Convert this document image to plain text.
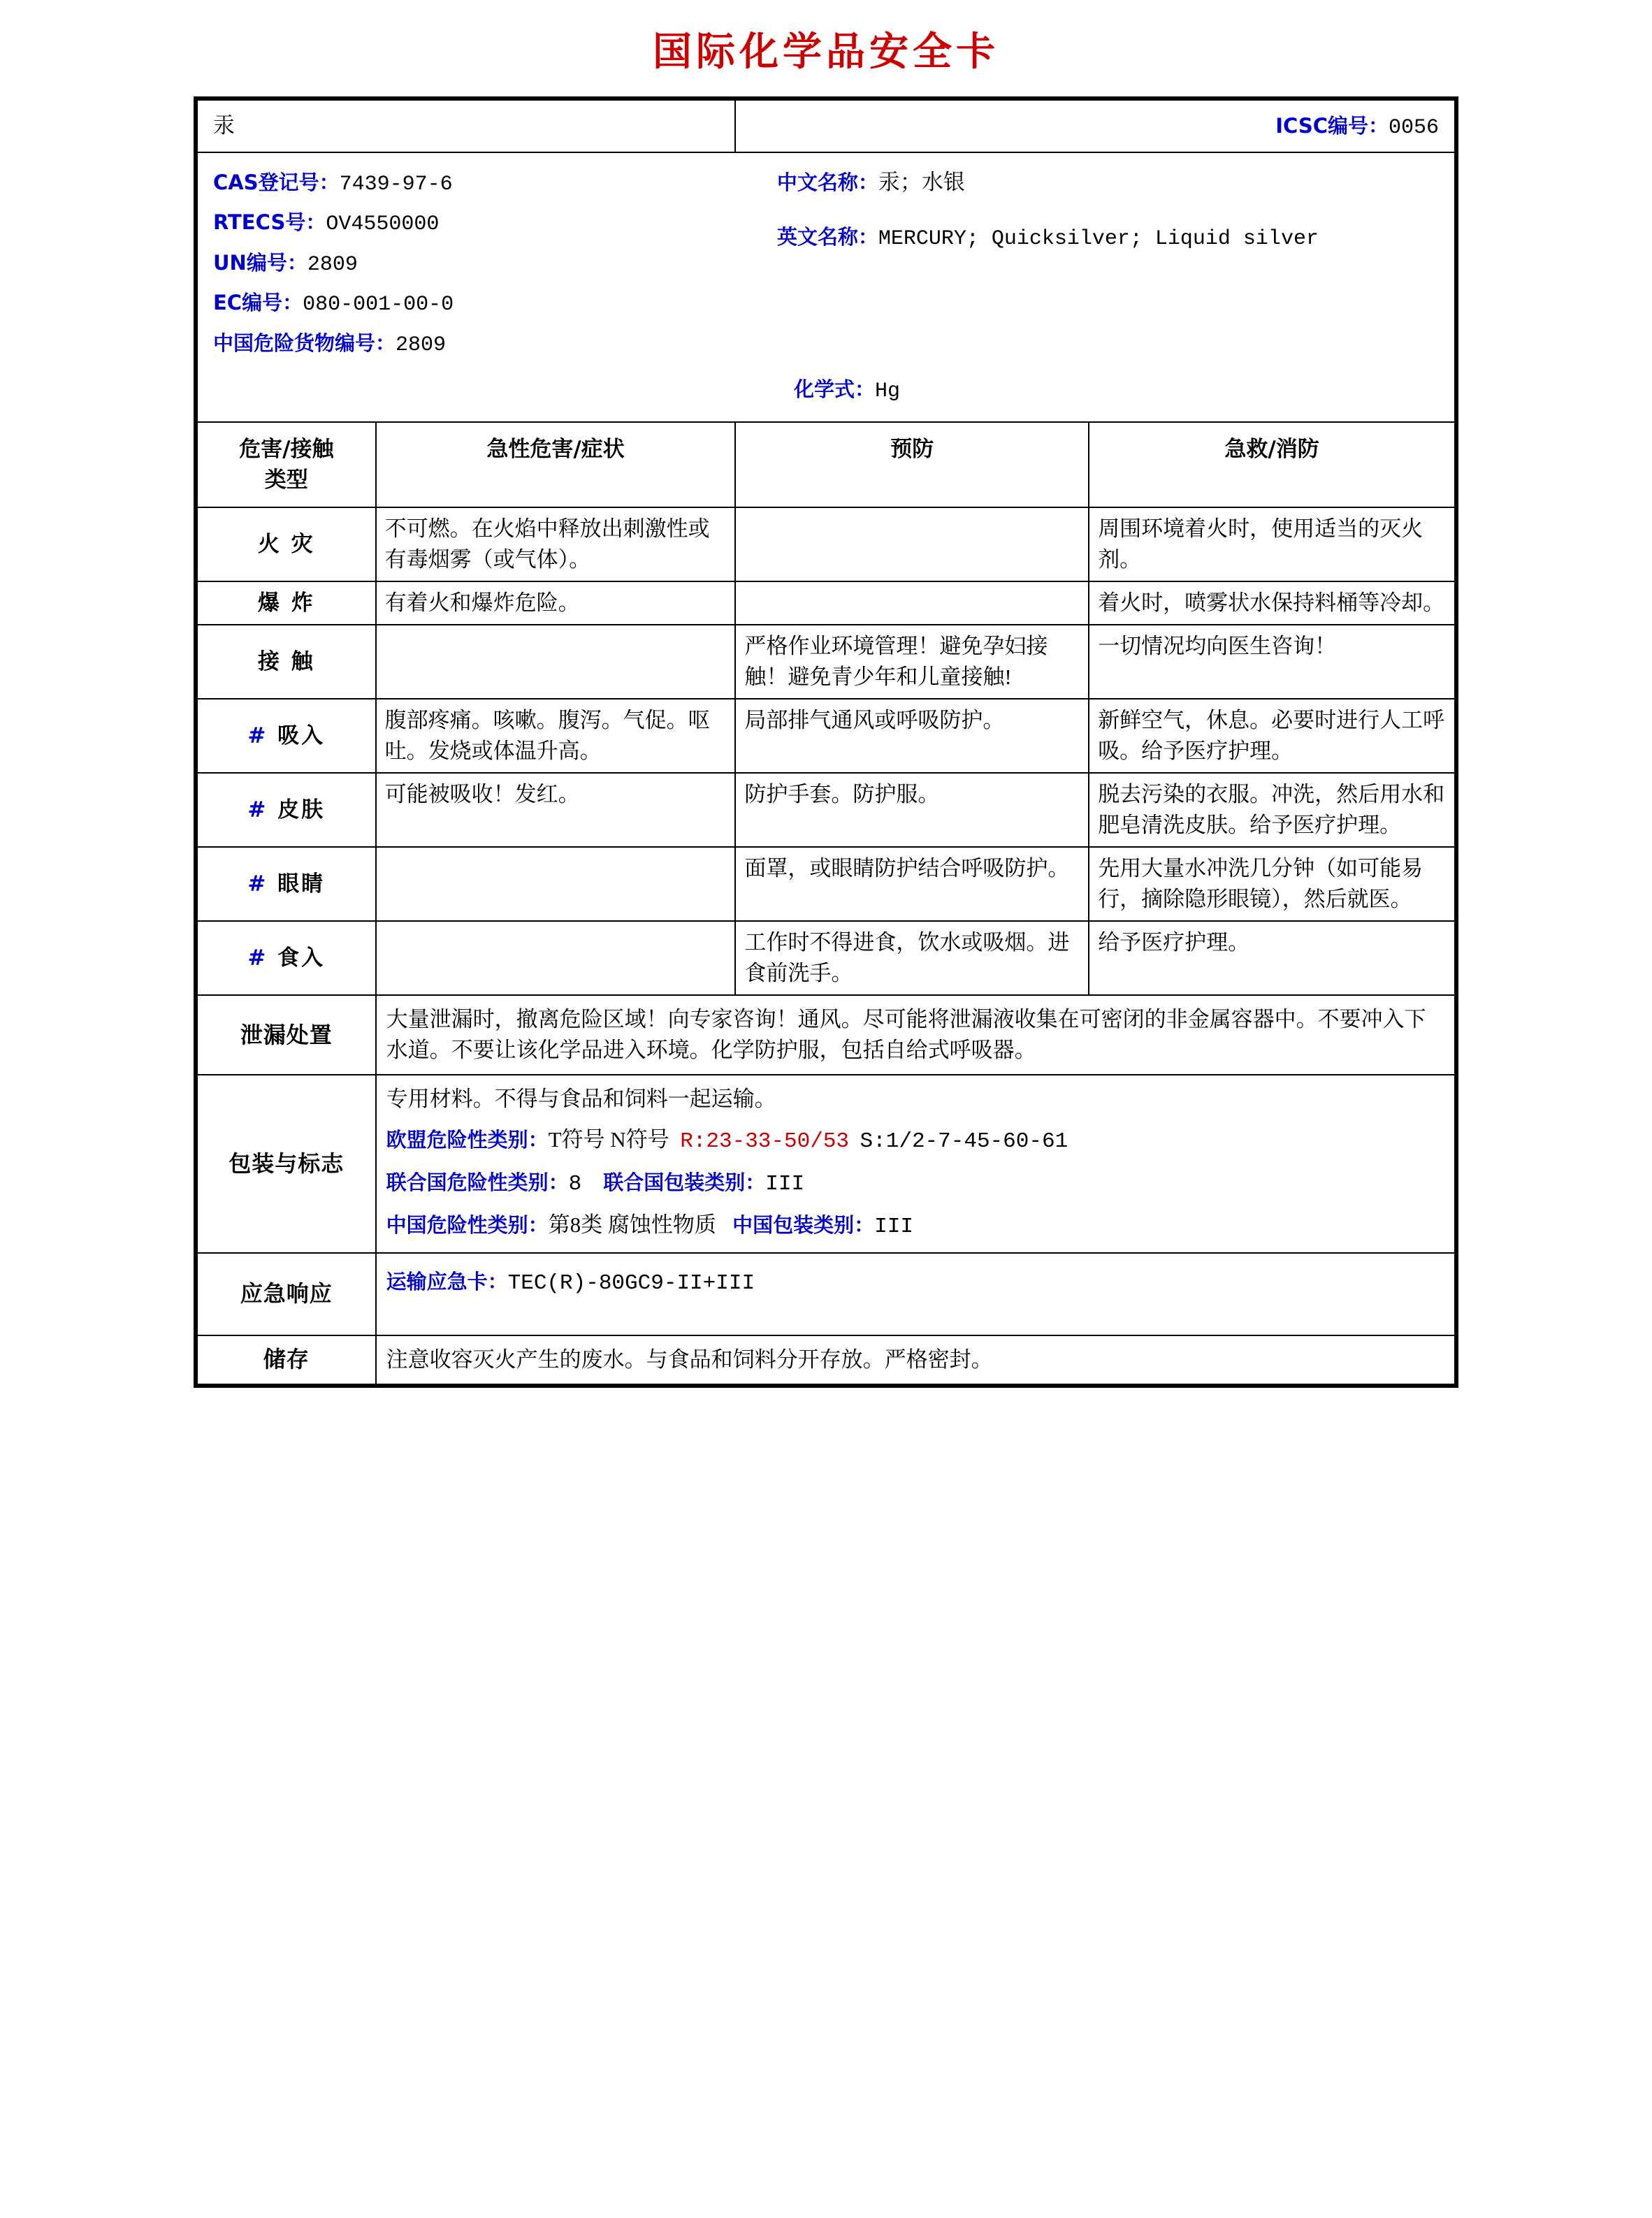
国际化学品安全卡
汞		ICSC编号：0056	

CAS登记号：7439-97-6
RTECS号：OV4550000
UN编号：2809
EC编号：080-001-00-0
中国危险货物编号：2809
中文名称：汞；水银
英文名称：MERCURY; Quicksilver; Liquid silver
化学式：Hg

危害/接触
类型	急性危害/症状	预防	急救/消防
火 灾	不可燃。在火焰中释放出刺激性或有毒烟雾（或气体）。		周围环境着火时，使用适当的灭火剂。
爆 炸	有着火和爆炸危险。		着火时，喷雾状水保持料桶等冷却。
接 触		严格作业环境管理！避免孕妇接触！避免青少年和儿童接触!	一切情况均向医生咨询！
# 吸入	腹部疼痛。咳嗽。腹泻。气促。呕吐。发烧或体温升高。	局部排气通风或呼吸防护。	新鲜空气，休息。必要时进行人工呼吸。给予医疗护理。
# 皮肤	可能被吸收！发红。	防护手套。防护服。	脱去污染的衣服。冲洗，然后用水和肥皂清洗皮肤。给予医疗护理。
# 眼睛		面罩，或眼睛防护结合呼吸防护。	先用大量水冲洗几分钟（如可能易行，摘除隐形眼镜），然后就医。
# 食入		工作时不得进食，饮水或吸烟。进食前洗手。	给予医疗护理。
泄漏处置	大量泄漏时，撤离危险区域！向专家咨询！通风。尽可能将泄漏液收集在可密闭的非金属容器中。不要冲入下水道。不要让该化学品进入环境。化学防护服，包括自给式呼吸器。		
包装与标志	专用材料。不得与食品和饲料一起运输。
欧盟危险性类别：T符号 N符号 R:23-33-50/53 S:1/2-7-45-60-61
联合国危险性类别：8 联合国包装类别：III
中国危险性类别：第8类 腐蚀性物质 中国包装类别：III		

应急响应	运输应急卡：TEC(R)-80GC9-II+III		

储存	注意收容灭火产生的废水。与食品和饲料分开存放。严格密封。		
